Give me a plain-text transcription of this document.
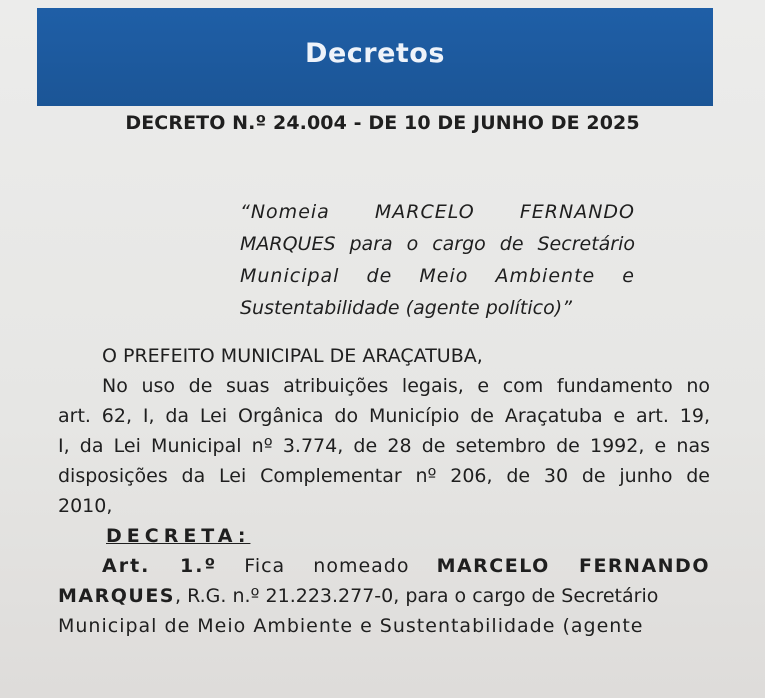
Decretos
DECRETO N.º 24.004 - DE 10 DE JUNHO DE 2025
“Nomeia MARCELO FERNANDO
MARQUES para o cargo de Secretário
Municipal de Meio Ambiente e
Sustentabilidade (agente político)”
O PREFEITO MUNICIPAL DE ARAÇATUBA,
No uso de suas atribuições legais, e com fundamento no
art. 62, I, da Lei Orgânica do Município de Araçatuba e art. 19,
I, da Lei Municipal nº 3.774, de 28 de setembro de 1992, e nas
disposições da Lei Complementar nº 206, de 30 de junho de
2010,
DECRETA:
Art. 1.º Fica nomeado MARCELO FERNANDO
MARQUES, R.G. n.º 21.223.277-0, para o cargo de Secretário
Municipal de Meio Ambiente e Sustentabilidade (agente
